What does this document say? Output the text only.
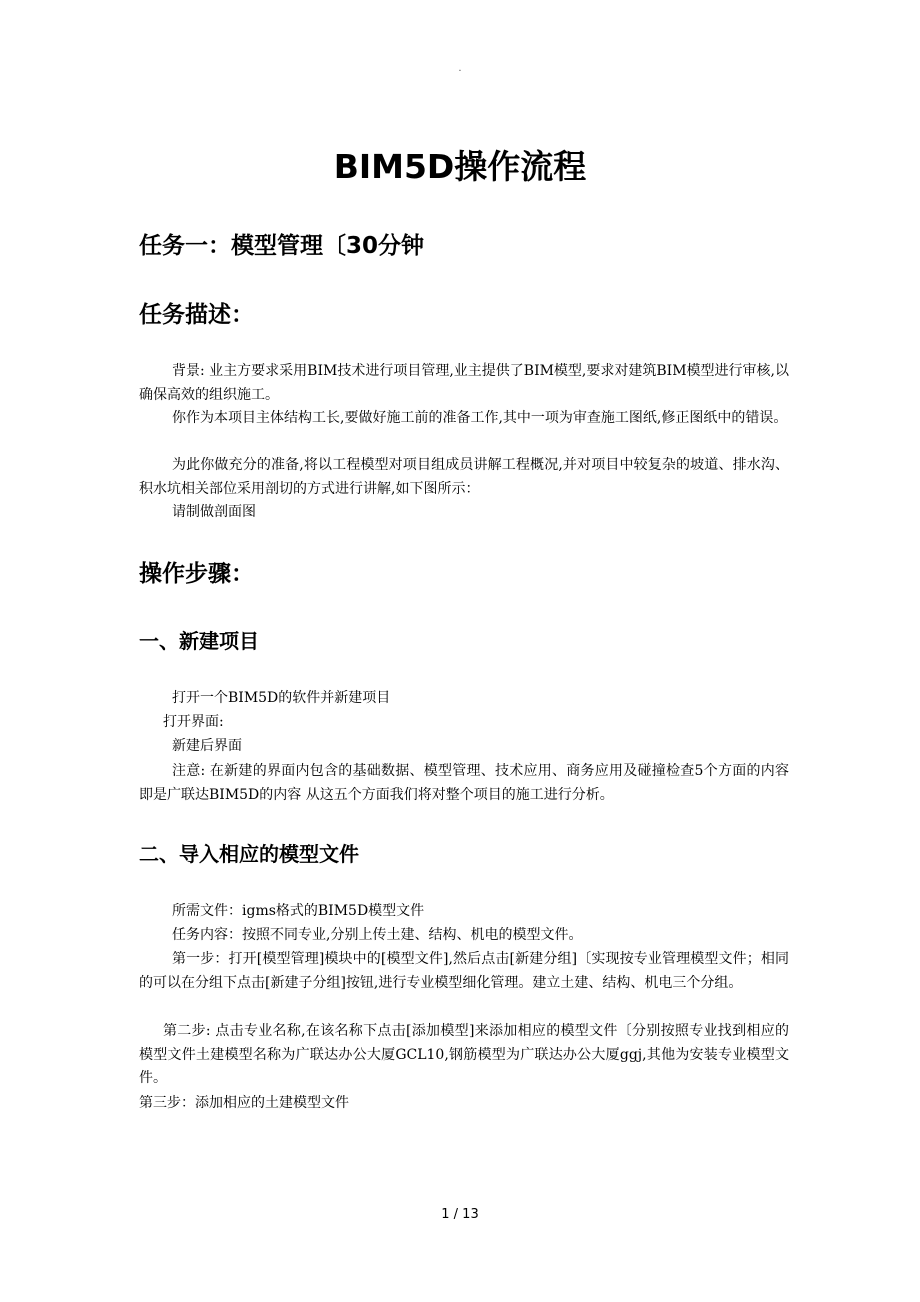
.
BIM5D操作流程
任务一：模型管理〔30分钟
任务描述：

背景: 业主方要求采用BIM技术进行项目管理,业主提供了BIM模型,要求对建筑BIM模型进行审核,以确保高效的组织施工。

你作为本项目主体结构工长,要做好施工前的准备工作,其中一项为审查施工图纸,修正图纸中的错误。

为此你做充分的准备,将以工程模型对项目组成员讲解工程概况,并对项目中较复杂的坡道、排水沟、积水坑相关部位采用剖切的方式进行讲解,如下图所示：

请制做剖面图

操作步骤：
一、新建项目

打开一个BIM5D的软件并新建项目

打开界面:

新建后界面

注意: 在新建的界面内包含的基础数据、模型管理、技术应用、商务应用及碰撞检查5个方面的内容即是广联达BIM5D的内容 从这五个方面我们将对整个项目的施工进行分析。

二、导入相应的模型文件

所需文件：igms格式的BIM5D模型文件

任务内容：按照不同专业,分别上传土建、结构、机电的模型文件。

第一步：打开[模型管理]模块中的[模型文件],然后点击[新建分组]〔实现按专业管理模型文件；相同的可以在分组下点击[新建子分组]按钮,进行专业模型细化管理。建立土建、结构、机电三个分组。

第二步: 点击专业名称,在该名称下点击[添加模型]来添加相应的模型文件〔分别按照专业找到相应的模型文件土建模型名称为广联达办公大厦GCL10,钢筋模型为广联达办公大厦ggj,其他为安装专业模型文件。

第三步：添加相应的土建模型文件

1 / 13
